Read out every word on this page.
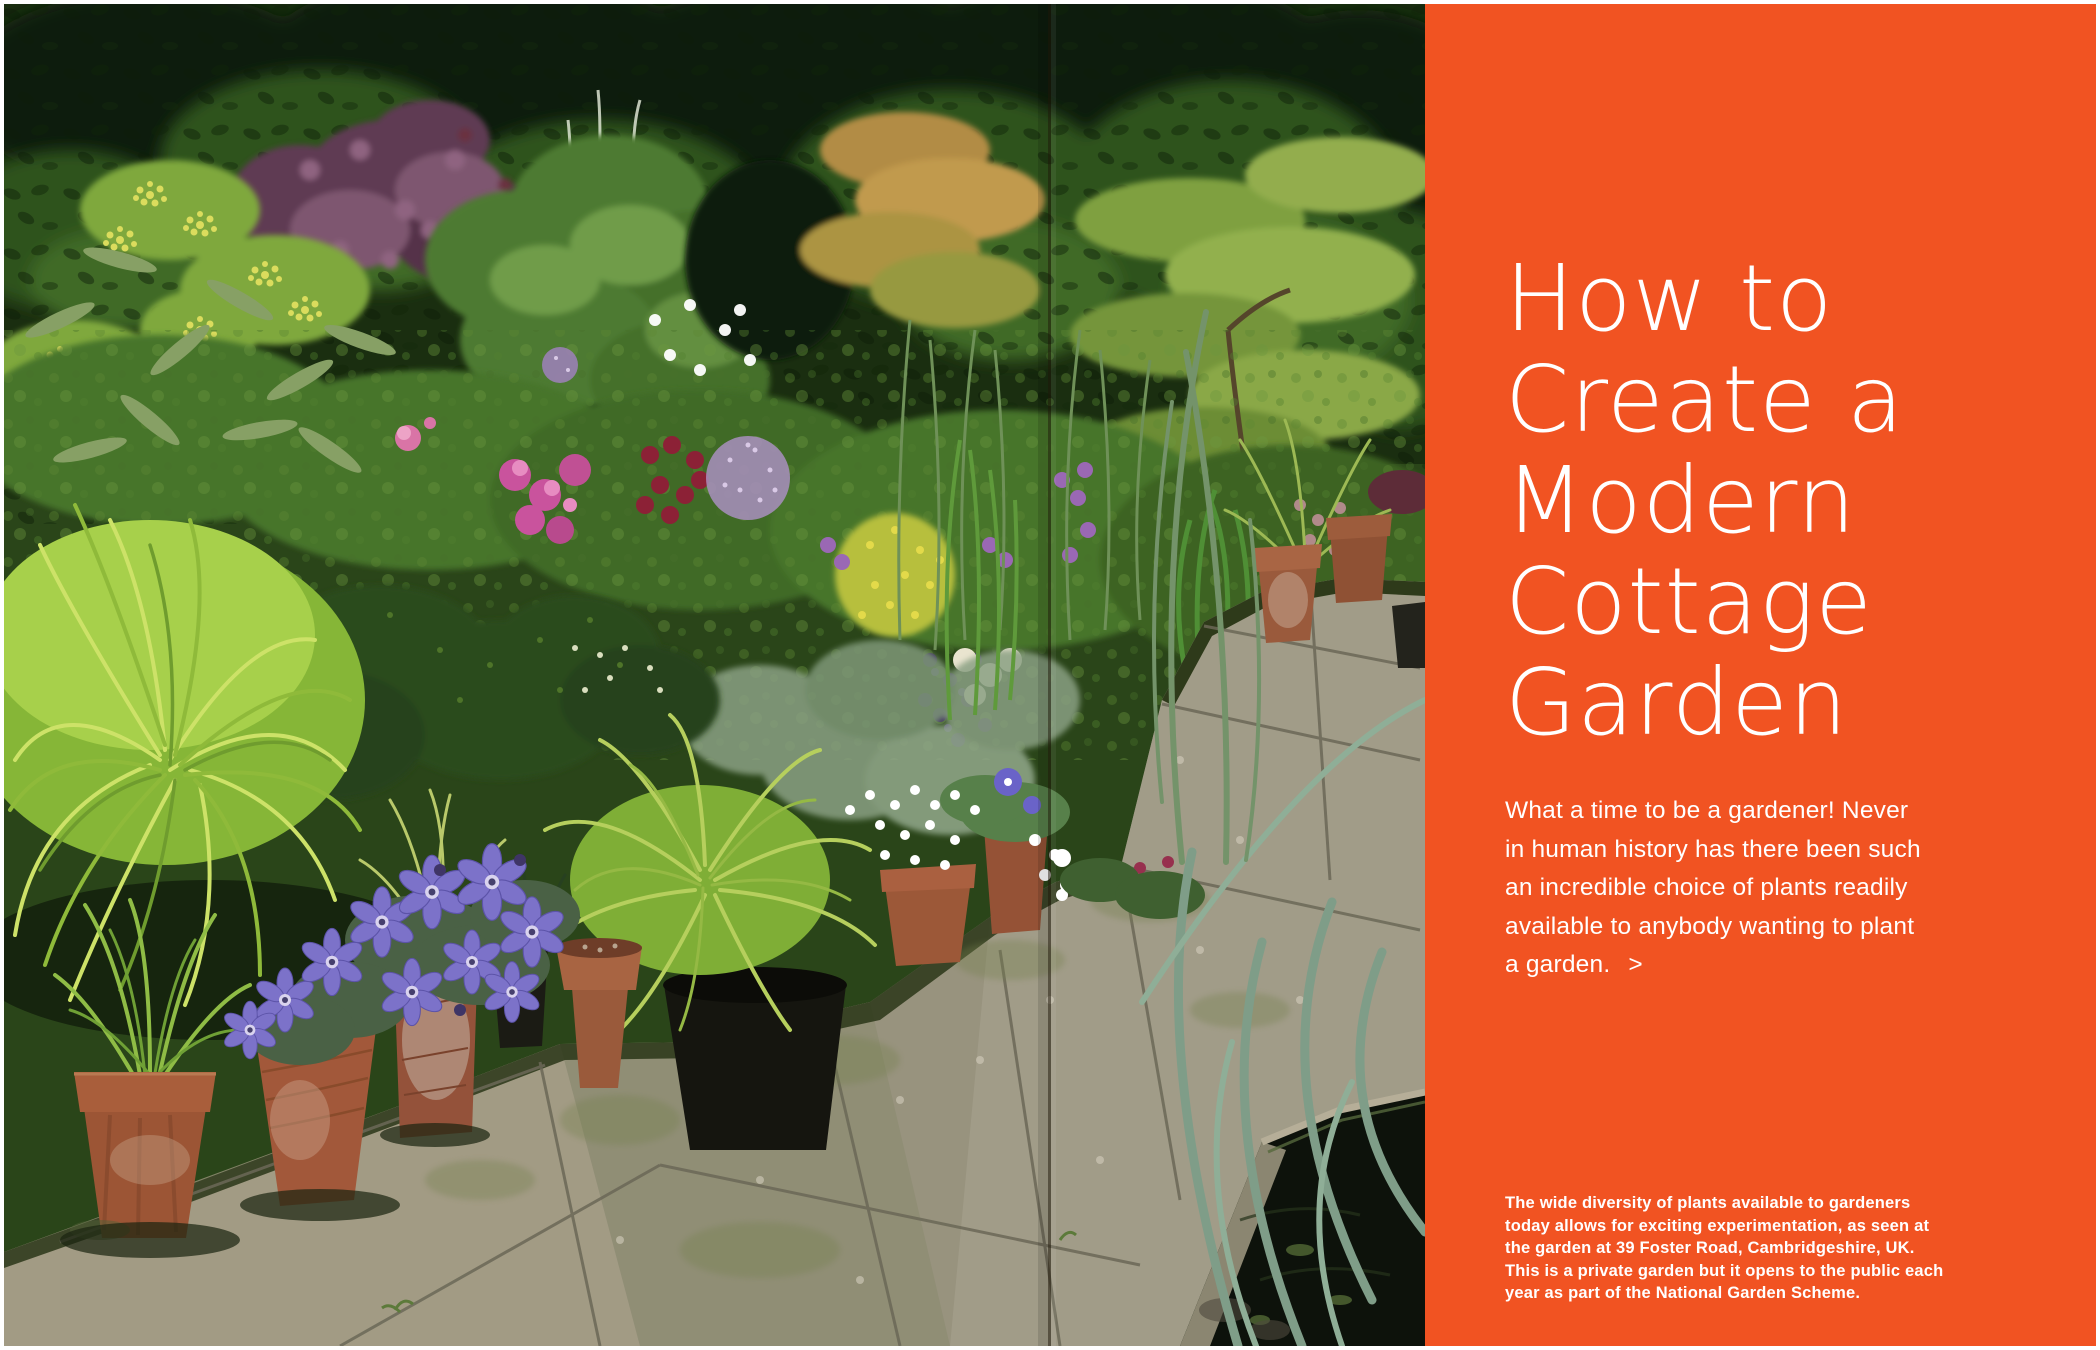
How to
Create a
Modern
Cottage
Garden
What a time to be a gardener! Never
in human history has there been such
an incredible choice of plants readily
available to anybody wanting to plant
a garden. >
The wide diversity of plants available to gardeners
today allows for exciting experimentation, as seen at
the garden at 39 Foster Road, Cambridgeshire, UK.
This is a private garden but it opens to the public each
year as part of the National Garden Scheme.
